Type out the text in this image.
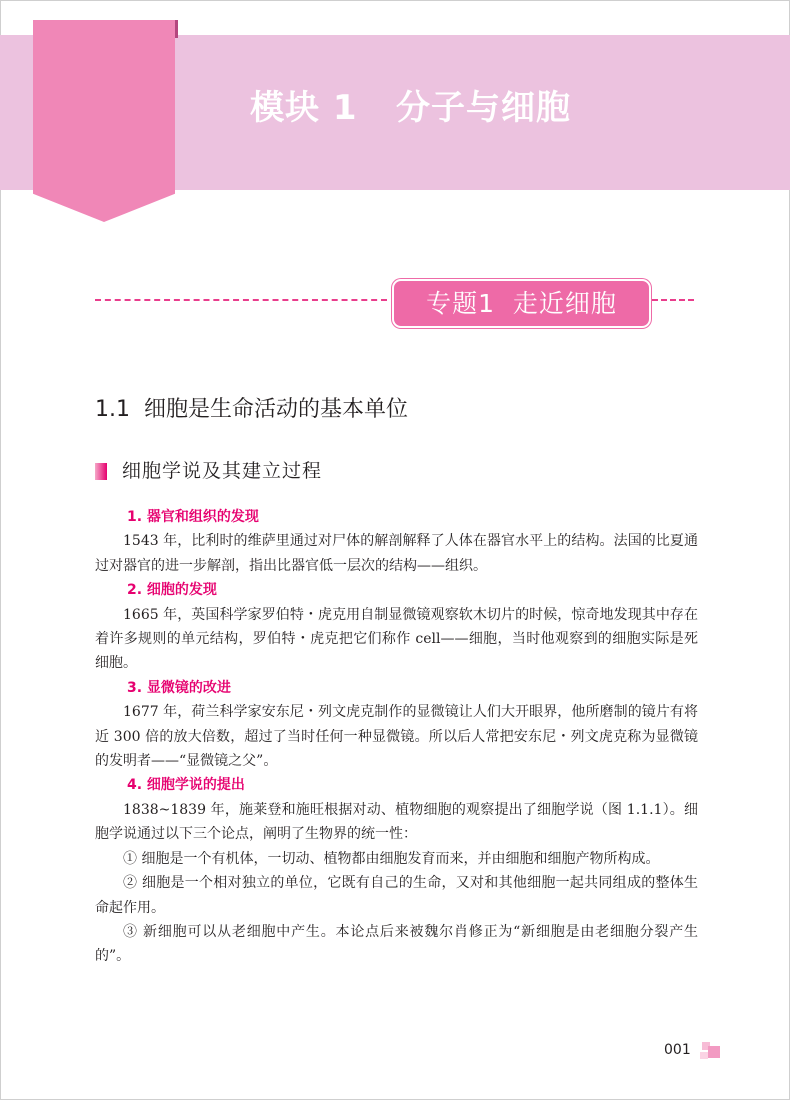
模块 1   分子与细胞
专题1  走近细胞
1.1  细胞是生命活动的基本单位
细胞学说及其建立过程

1. 器官和组织的发现

1543 年，比利时的维萨里通过对尸体的解剖解释了人体在器官水平上的结构。法国的比夏通过对器官的进一步解剖，指出比器官低一层次的结构——组织。

2. 细胞的发现

1665 年，英国科学家罗伯特・虎克用自制显微镜观察软木切片的时候，惊奇地发现其中存在着许多规则的单元结构，罗伯特・虎克把它们称作 cell——细胞，当时他观察到的细胞实际是死细胞。

3. 显微镜的改进

1677 年，荷兰科学家安东尼・列文虎克制作的显微镜让人们大开眼界，他所磨制的镜片有将近 300 倍的放大倍数，超过了当时任何一种显微镜。所以后人常把安东尼・列文虎克称为显微镜的发明者——“显微镜之父”。

4. 细胞学说的提出

1838~1839 年，施莱登和施旺根据对动、植物细胞的观察提出了细胞学说（图 1.1.1）。细胞学说通过以下三个论点，阐明了生物界的统一性：

① 细胞是一个有机体，一切动、植物都由细胞发育而来，并由细胞和细胞产物所构成。

② 细胞是一个相对独立的单位，它既有自己的生命，又对和其他细胞一起共同组成的整体生命起作用。

③ 新细胞可以从老细胞中产生。本论点后来被魏尔肖修正为“新细胞是由老细胞分裂产生的”。

001
